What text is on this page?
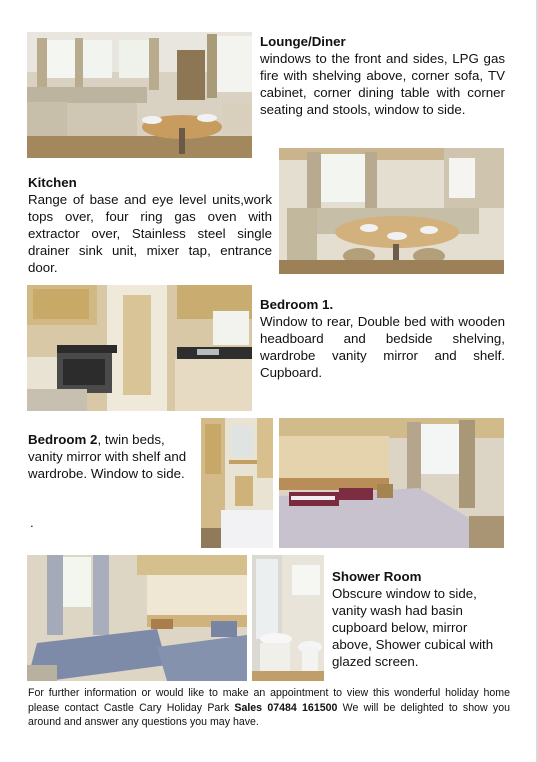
Lounge/Diner
windows to the front and sides, LPG gas fire with shelving above, corner sofa, TV cabinet, corner dining table with corner seating and stools, window to side.
Kitchen
Range of base and eye level units,work tops over, four ring gas oven with extractor over, Stainless steel single drainer sink unit, mixer tap, entrance door.
Bedroom 1.
Window to rear, Double bed with wooden headboard and bedside shelving, wardrobe vanity mirror and shelf. Cupboard.
Bedroom 2, twin beds, vanity mirror with shelf and wardrobe. Window to side.
.
Shower Room
Obscure window to side, vanity wash had basin cupboard below, mirror above, Shower cubical with glazed screen.
For further information or would like to make an appointment to view this wonderful holiday home please contact Castle Cary Holiday Park Sales 07484 161500 We will be delighted to show you around and answer any questions you may have.
